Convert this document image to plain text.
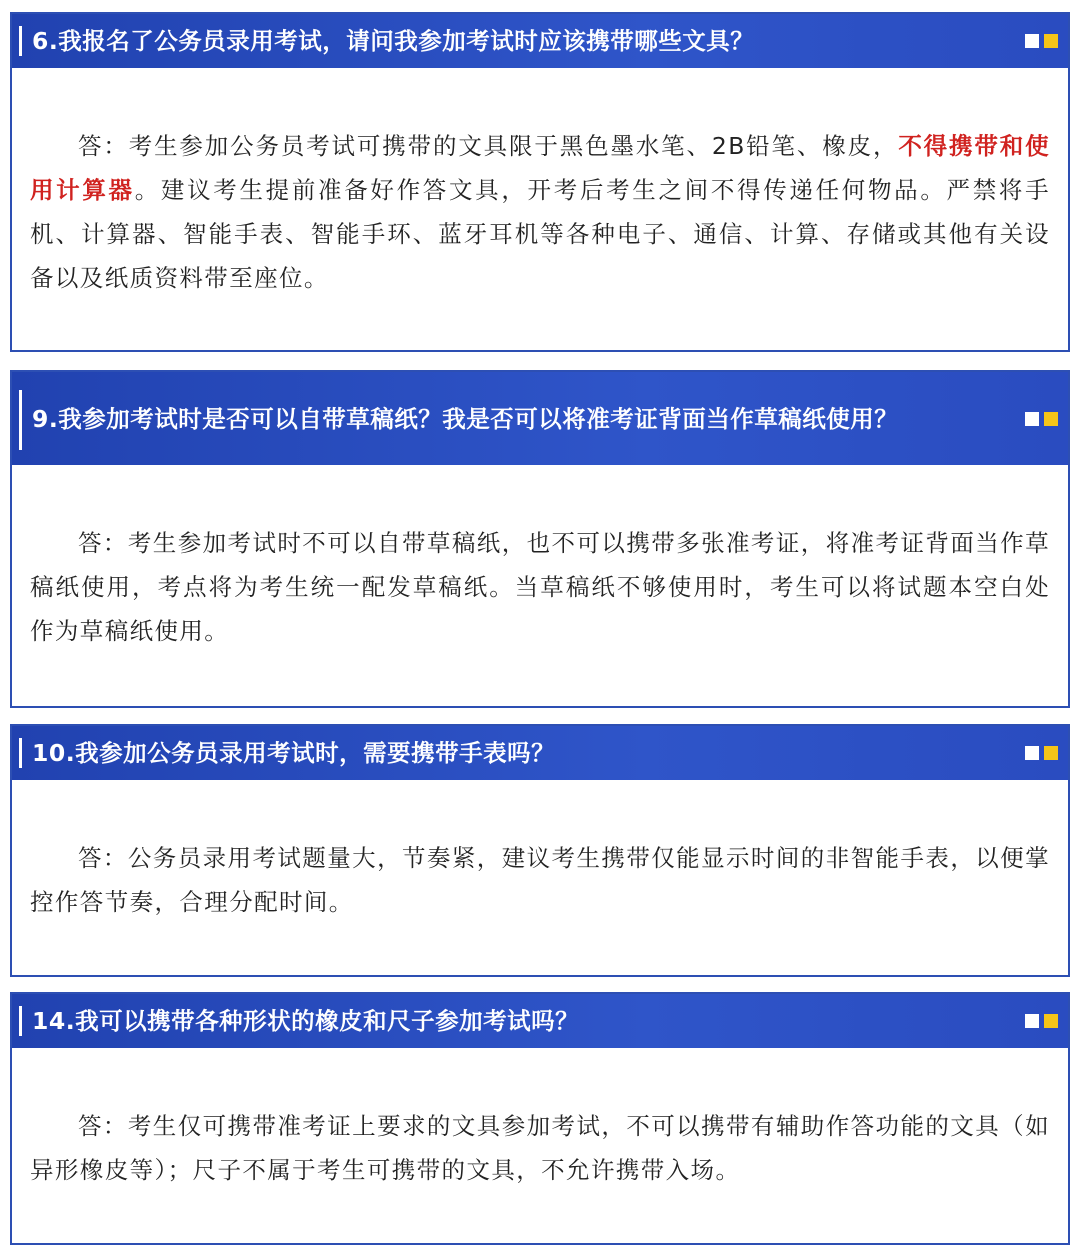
6.我报名了公务员录用考试，请问我参加考试时应该携带哪些文具？

答：考生参加公务员考试可携带的文具限于黑色墨水笔、2B铅笔、橡皮，不得携带和使用计算器。建议考生提前准备好作答文具，开考后考生之间不得传递任何物品。严禁将手机、计算器、智能手表、智能手环、蓝牙耳机等各种电子、通信、计算、存储或其他有关设备以及纸质资料带至座位。

9.我参加考试时是否可以自带草稿纸？我是否可以将准考证背面当作草稿纸使用？

答：考生参加考试时不可以自带草稿纸，也不可以携带多张准考证，将准考证背面当作草稿纸使用，考点将为考生统一配发草稿纸。当草稿纸不够使用时，考生可以将试题本空白处作为草稿纸使用。

10.我参加公务员录用考试时，需要携带手表吗？

答：公务员录用考试题量大，节奏紧，建议考生携带仅能显示时间的非智能手表，以便掌控作答节奏，合理分配时间。

14.我可以携带各种形状的橡皮和尺子参加考试吗？

答：考生仅可携带准考证上要求的文具参加考试，不可以携带有辅助作答功能的文具（如异形橡皮等）；尺子不属于考生可携带的文具，不允许携带入场。
